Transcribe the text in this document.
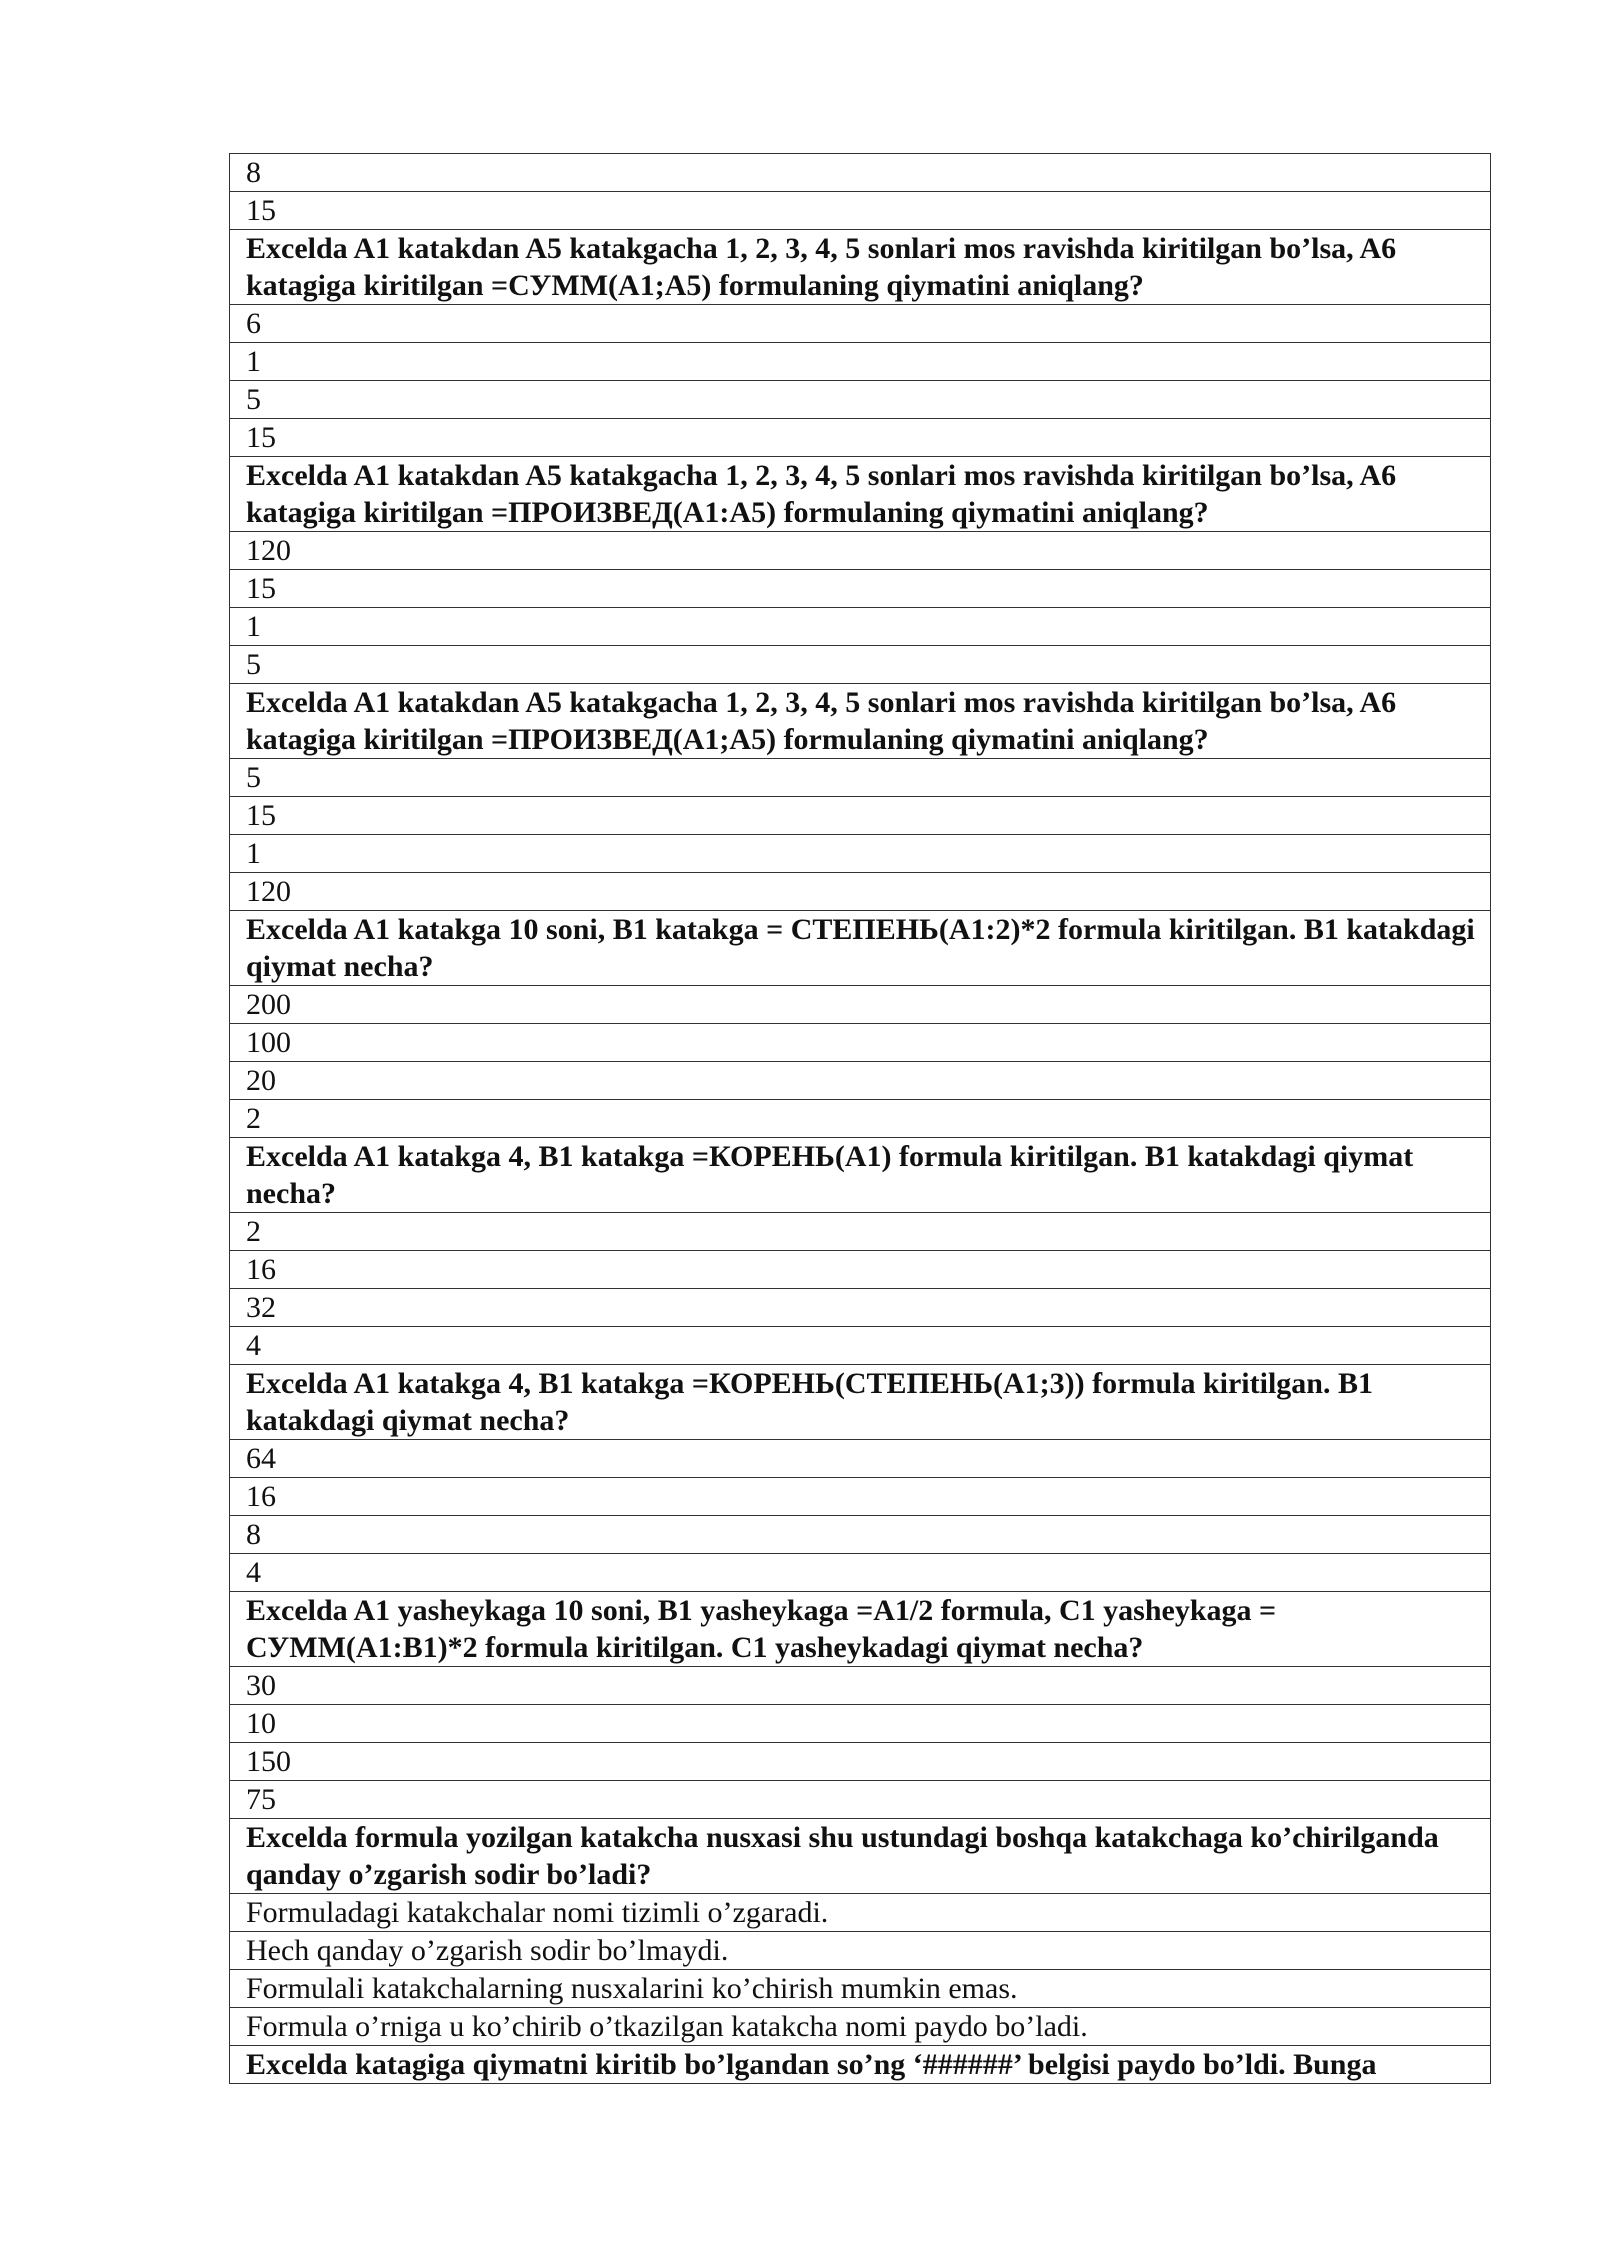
8
15
Excelda A1 katakdan A5 katakgacha 1, 2, 3, 4, 5 sonlari mos ravishda kiritilgan bo’lsa, A6 katagiga kiritilgan =СУММ(A1;A5) formulaning qiymatini aniqlang?
6
1
5
15
Excelda A1 katakdan A5 katakgacha 1, 2, 3, 4, 5 sonlari mos ravishda kiritilgan bo’lsa, A6 katagiga kiritilgan =ПРОИЗВЕД(A1:A5) formulaning qiymatini aniqlang?
120
15
1
5
Excelda A1 katakdan A5 katakgacha 1, 2, 3, 4, 5 sonlari mos ravishda kiritilgan bo’lsa, A6 katagiga kiritilgan =ПРОИЗВЕД(A1;A5) formulaning qiymatini aniqlang?
5
15
1
120
Excelda A1 katakga 10 soni, B1 katakga = СТЕПЕНЬ(A1:2)*2 formula kiritilgan. B1 katakdagi qiymat necha?
200
100
20
2
Excelda A1 katakga 4, B1 katakga =КОРЕНЬ(A1) formula kiritilgan. B1 katakdagi qiymat necha?
2
16
32
4
Excelda A1 katakga 4, B1 katakga =КОРЕНЬ(СТЕПЕНЬ(A1;3)) formula kiritilgan. B1 katakdagi qiymat necha?
64
16
8
4
Excelda A1 yasheykaga 10 soni, B1 yasheykaga =A1/2 formula, C1 yasheykaga = СУММ(A1:B1)*2 formula kiritilgan. C1 yasheykadagi qiymat necha?
30
10
150
75
Excelda formula yozilgan katakcha nusxasi shu ustundagi boshqa katakchaga ko’chirilganda qanday o’zgarish sodir bo’ladi?
Formuladagi katakchalar nomi tizimli o’zgaradi.
Hech qanday o’zgarish sodir bo’lmaydi.
Formulali katakchalarning nusxalarini ko’chirish mumkin emas.
Formula o’rniga u ko’chirib o’tkazilgan katakcha nomi paydo bo’ladi.
Excelda katagiga qiymatni kiritib bo’lgandan so’ng ‘######’ belgisi paydo bo’ldi. Bunga
